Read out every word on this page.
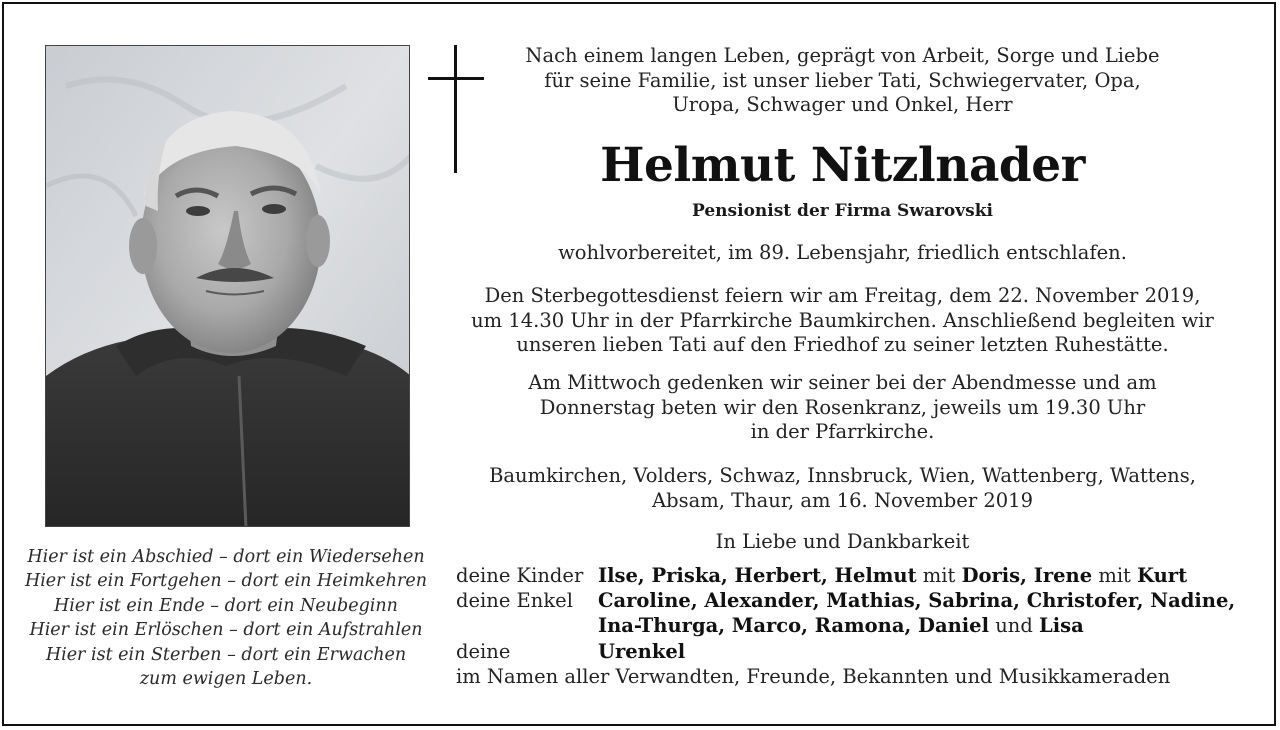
Hier ist ein Abschied – dort ein Wiedersehen
Hier ist ein Fortgehen – dort ein Heimkehren
Hier ist ein Ende – dort ein Neubeginn
Hier ist ein Erlöschen – dort ein Aufstrahlen
Hier ist ein Sterben – dort ein Erwachen
zum ewigen Leben.
Nach einem langen Leben, geprägt von Arbeit, Sorge und Liebe
für seine Familie, ist unser lieber Tati, Schwiegervater, Opa,
Uropa, Schwager und Onkel, Herr
Helmut Nitzlnader
Pensionist der Firma Swarovski
wohlvorbereitet, im 89. Lebensjahr, friedlich entschlafen.
Den Sterbegottesdienst feiern wir am Freitag, dem 22. November 2019,
um 14.30 Uhr in der Pfarrkirche Baumkirchen. Anschließend begleiten wir
unseren lieben Tati auf den Friedhof zu seiner letzten Ruhestätte.
Am Mittwoch gedenken wir seiner bei der Abendmesse und am
Donnerstag beten wir den Rosenkranz, jeweils um 19.30 Uhr
in der Pfarrkirche.
Baumkirchen, Volders, Schwaz, Innsbruck, Wien, Wattenberg, Wattens,
Absam, Thaur, am 16. November 2019
In Liebe und Dankbarkeit
deine Kinder Ilse, Priska, Herbert, Helmut mit Doris, Irene mit Kurt
deine Enkel Caroline, Alexander, Mathias, Sabrina, Christofer, Nadine,
Ina-Thurga, Marco, Ramona, Daniel und Lisa
deine	Urenkel
im Namen aller Verwandten, Freunde, Bekannten und Musikkameraden
